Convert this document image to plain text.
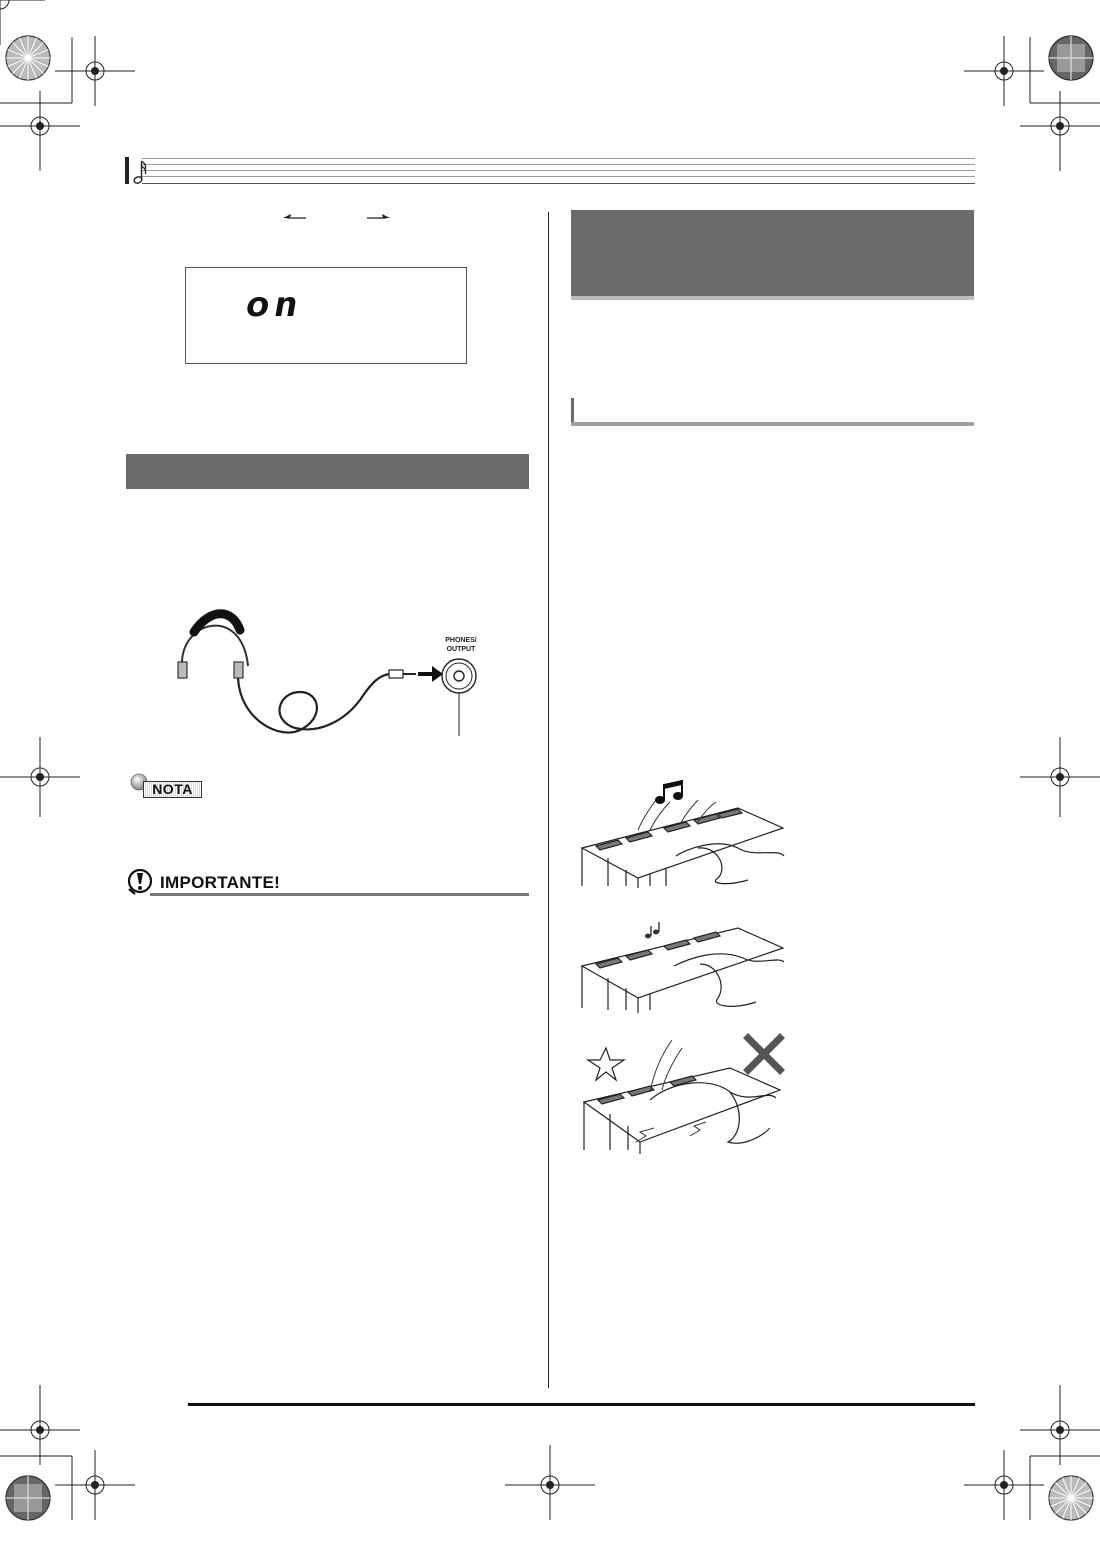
on
PHONES/
OUTPUT
NOTA
IMPORTANTE!
